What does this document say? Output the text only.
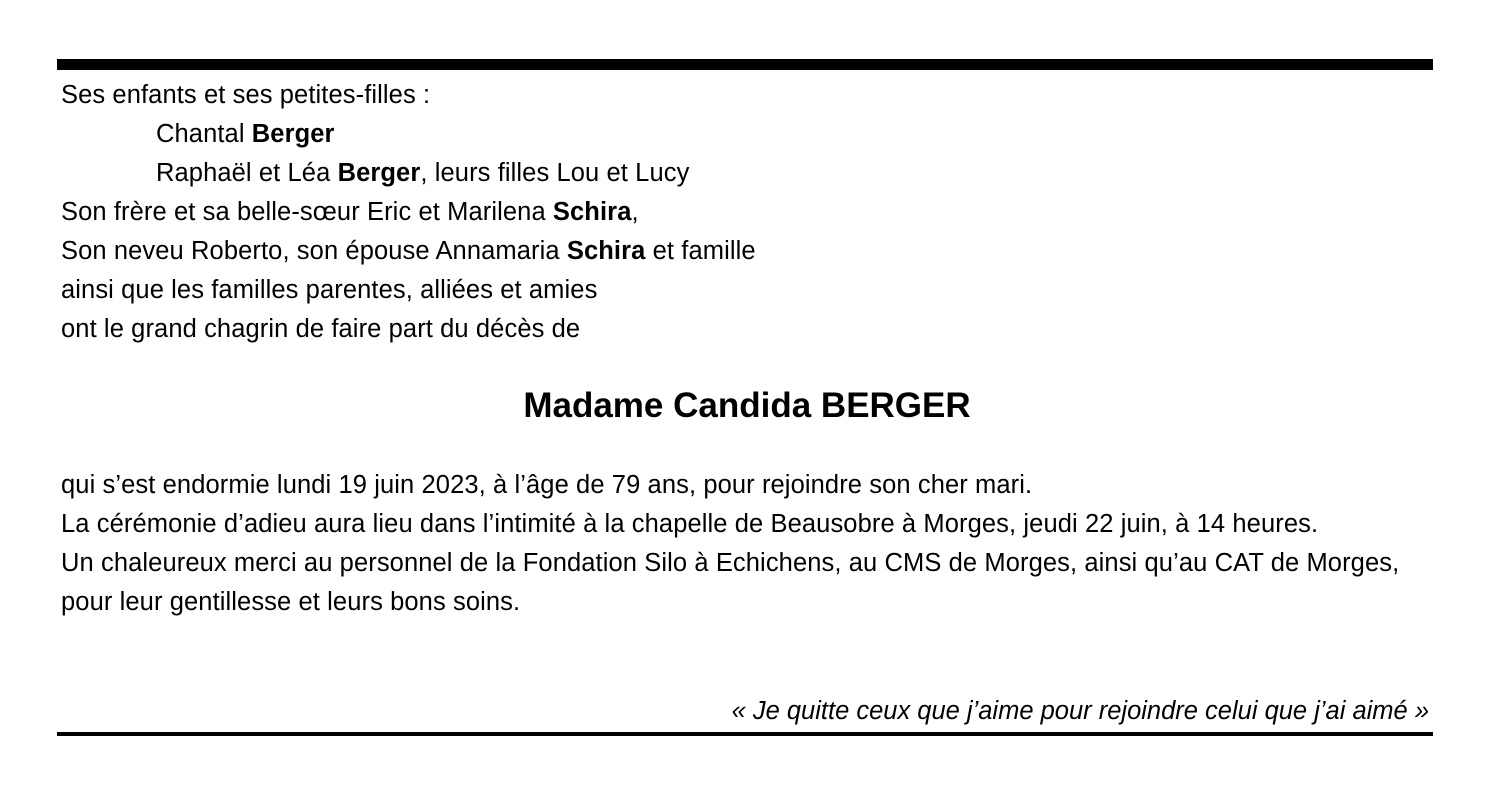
Ses enfants et ses petites-filles :
Chantal Berger
Raphaël et Léa Berger, leurs filles Lou et Lucy
Son frère et sa belle-sœur Eric et Marilena Schira,
Son neveu Roberto, son épouse Annamaria Schira et famille
ainsi que les familles parentes, alliées et amies
ont le grand chagrin de faire part du décès de
Madame Candida BERGER

qui s’est endormie lundi 19 juin 2023, à l’âge de 79 ans, pour rejoindre son cher mari.

La cérémonie d’adieu aura lieu dans l’intimité à la chapelle de Beausobre à Morges, jeudi 22 juin, à 14 heures.

Un chaleureux merci au personnel de la Fondation Silo à Echichens, au CMS de Morges, ainsi qu’au CAT de Morges, pour leur gentillesse et leurs bons soins.

« Je quitte ceux que j’aime pour rejoindre celui que j’ai aimé »
